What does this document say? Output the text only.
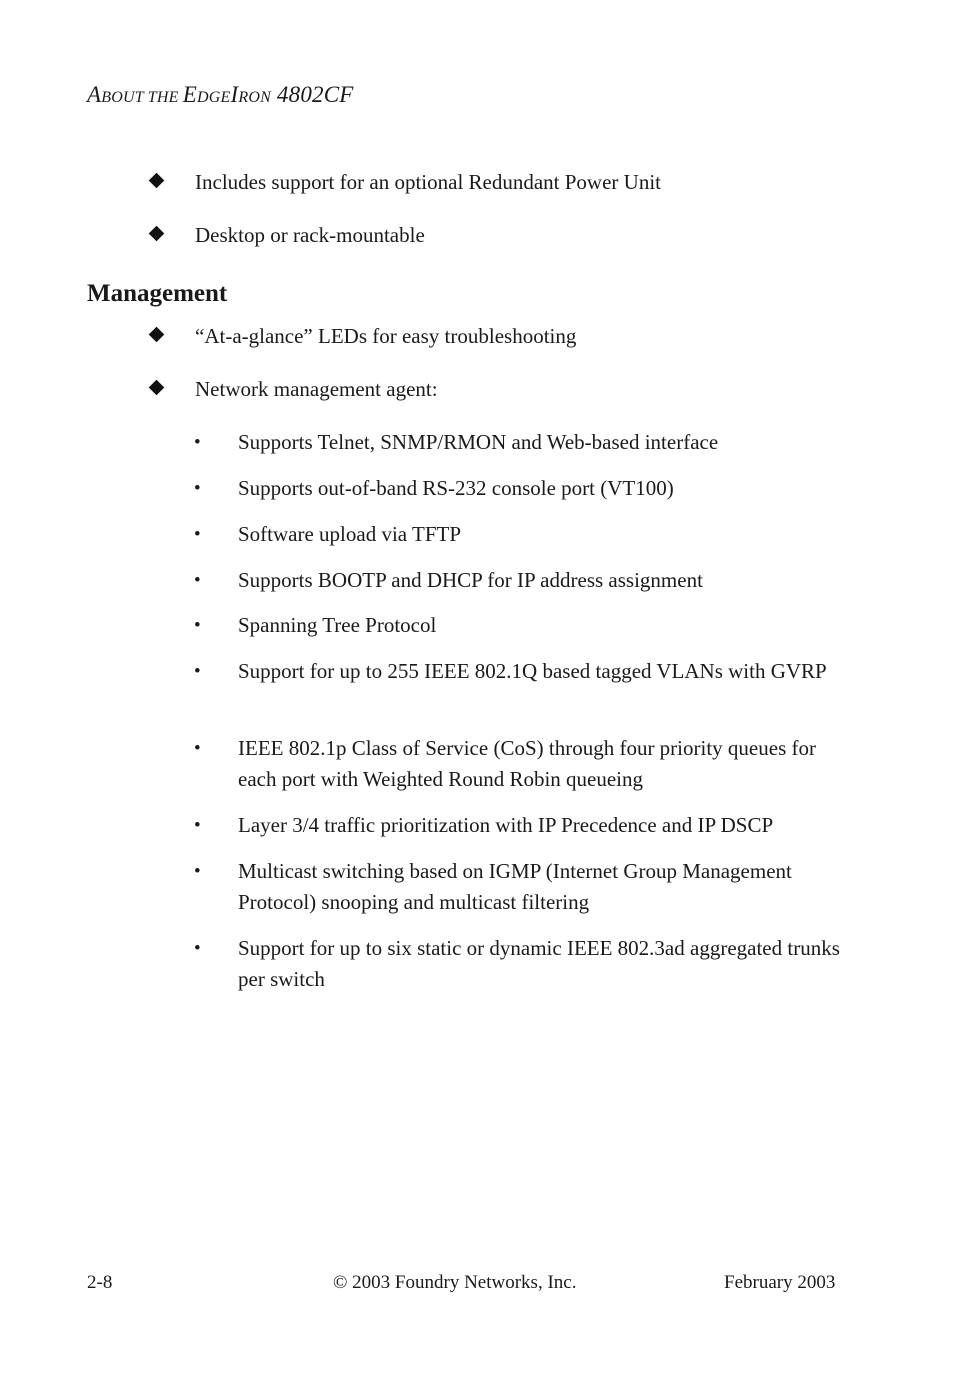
ABOUT THE EDGEIRON 4802CF
Includes support for an optional Redundant Power Unit
Desktop or rack-mountable
Management
“At-a-glance” LEDs for easy troubleshooting
Network management agent:
• Supports Telnet, SNMP/RMON and Web-based interface
• Supports out-of-band RS-232 console port (VT100)
• Software upload via TFTP
• Supports BOOTP and DHCP for IP address assignment
• Spanning Tree Protocol
• Support for up to 255 IEEE 802.1Q based tagged VLANs with GVRP
• IEEE 802.1p Class of Service (CoS) through four priority queues for each port with Weighted Round Robin queueing
• Layer 3/4 traffic prioritization with IP Precedence and IP DSCP
• Multicast switching based on IGMP (Internet Group Management Protocol) snooping and multicast filtering
• Support for up to six static or dynamic IEEE 802.3ad aggregated trunks per switch
2-8	© 2003 Foundry Networks, Inc.	February 2003
